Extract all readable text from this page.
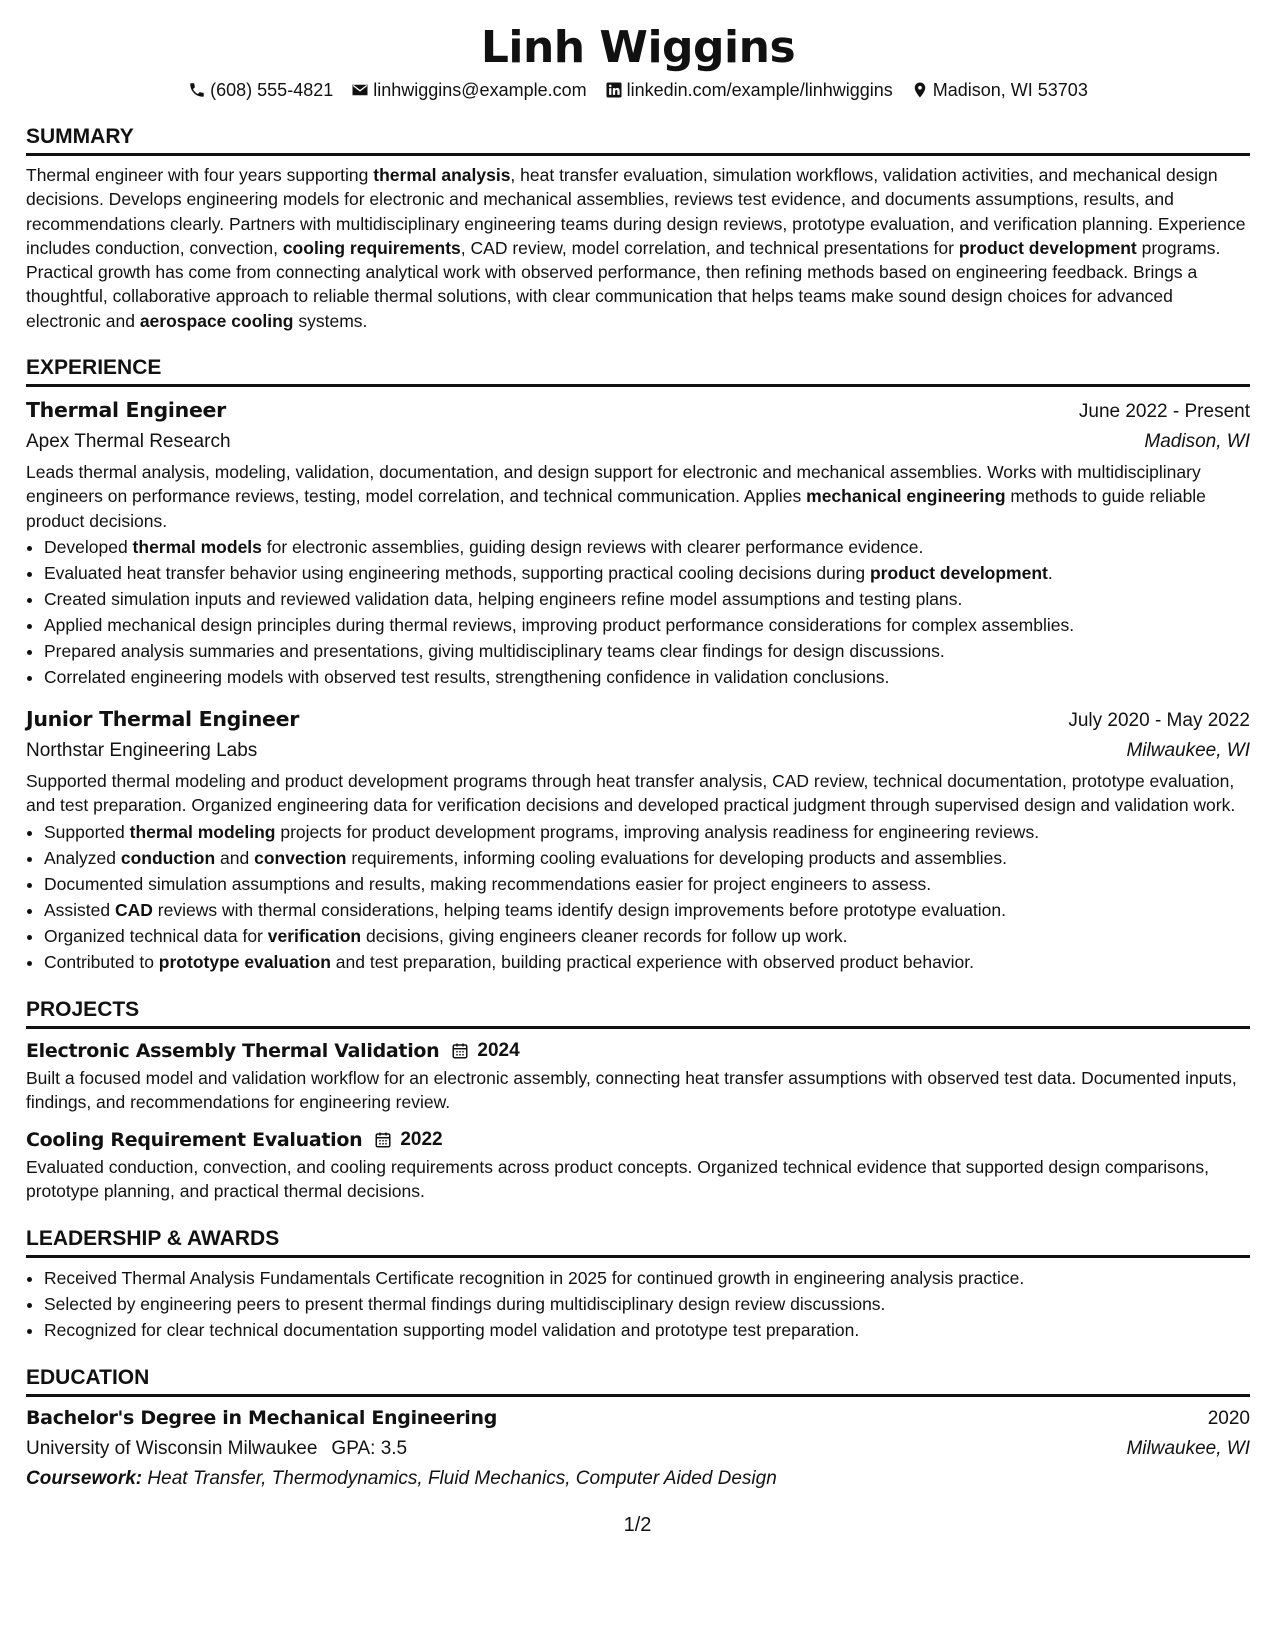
Linh Wiggins
(608) 555-4821 linhwiggins@example.com linkedin.com/example/linhwiggins Madison, WI 53703
SUMMARY

Thermal engineer with four years supporting thermal analysis, heat transfer evaluation, simulation workflows, validation activities, and mechanical design decisions. Develops engineering models for electronic and mechanical assemblies, reviews test evidence, and documents assumptions, results, and recommendations clearly. Partners with multidisciplinary engineering teams during design reviews, prototype evaluation, and verification planning. Experience includes conduction, convection, cooling requirements, CAD review, model correlation, and technical presentations for product development programs. Practical growth has come from connecting analytical work with observed performance, then refining methods based on engineering feedback. Brings a thoughtful, collaborative approach to reliable thermal solutions, with clear communication that helps teams make sound design choices for advanced electronic and aerospace cooling systems.

EXPERIENCE
Thermal Engineer	June 2022 - Present
Apex Thermal Research	Madison, WI

Leads thermal analysis, modeling, validation, documentation, and design support for electronic and mechanical assemblies. Works with multidisciplinary engineers on performance reviews, testing, model correlation, and technical communication. Applies mechanical engineering methods to guide reliable product decisions.

• Developed thermal models for electronic assemblies, guiding design reviews with clearer performance evidence.
• Evaluated heat transfer behavior using engineering methods, supporting practical cooling decisions during product development.
• Created simulation inputs and reviewed validation data, helping engineers refine model assumptions and testing plans.
• Applied mechanical design principles during thermal reviews, improving product performance considerations for complex assemblies.
• Prepared analysis summaries and presentations, giving multidisciplinary teams clear findings for design discussions.
• Correlated engineering models with observed test results, strengthening confidence in validation conclusions.
Junior Thermal Engineer	July 2020 - May 2022
Northstar Engineering Labs	Milwaukee, WI

Supported thermal modeling and product development programs through heat transfer analysis, CAD review, technical documentation, prototype evaluation, and test preparation. Organized engineering data for verification decisions and developed practical judgment through supervised design and validation work.

• Supported thermal modeling projects for product development programs, improving analysis readiness for engineering reviews.
• Analyzed conduction and convection requirements, informing cooling evaluations for developing products and assemblies.
• Documented simulation assumptions and results, making recommendations easier for project engineers to assess.
• Assisted CAD reviews with thermal considerations, helping teams identify design improvements before prototype evaluation.
• Organized technical data for verification decisions, giving engineers cleaner records for follow up work.
• Contributed to prototype evaluation and test preparation, building practical experience with observed product behavior.
PROJECTS
Electronic Assembly Thermal Validation 2024

Built a focused model and validation workflow for an electronic assembly, connecting heat transfer assumptions with observed test data. Documented inputs, findings, and recommendations for engineering review.

Cooling Requirement Evaluation 2022

Evaluated conduction, convection, and cooling requirements across product concepts. Organized technical evidence that supported design comparisons, prototype planning, and practical thermal decisions.

LEADERSHIP & AWARDS
• Received Thermal Analysis Fundamentals Certificate recognition in 2025 for continued growth in engineering analysis practice.
• Selected by engineering peers to present thermal findings during multidisciplinary design review discussions.
• Recognized for clear technical documentation supporting model validation and prototype test preparation.
EDUCATION
Bachelor's Degree in Mechanical Engineering	2020
University of Wisconsin Milwaukee GPA: 3.5	Milwaukee, WI
Coursework: Heat Transfer, Thermodynamics, Fluid Mechanics, Computer Aided Design
1/2
